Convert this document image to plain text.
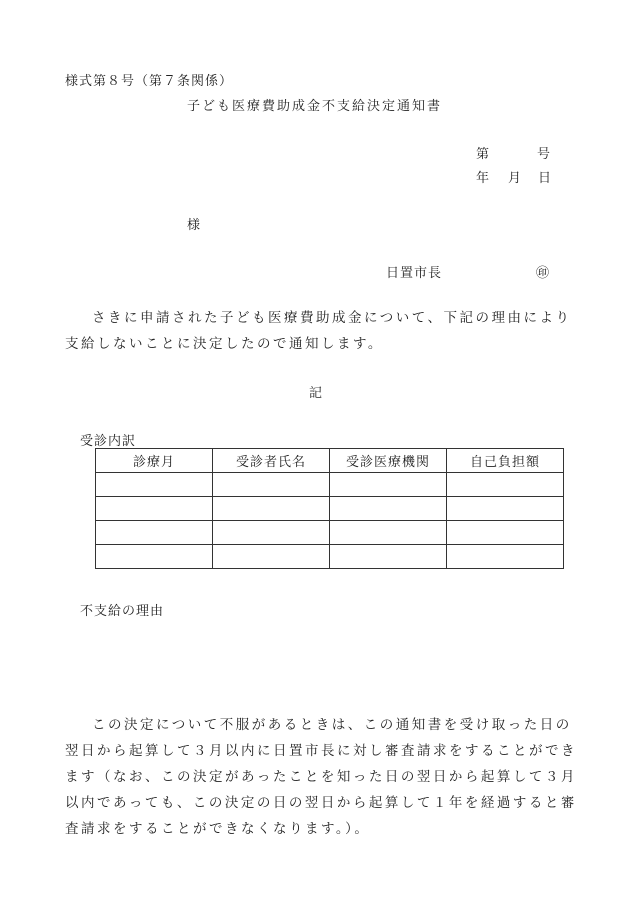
様式第８号（第７条関係）
子ども医療費助成金不支給決定通知書
第	号
年 月 日
様
日置市長	㊞
さきに申請された子ども医療費助成金について、下記の理由により支給しないことに決定したので通知します。
記
受診内訳
診療月	受診者氏名	受診医療機関	自己負担額

不支給の理由
この決定について不服があるときは、この通知書を受け取った日の翌日から起算して３月以内に日置市長に対し審査請求をすることができます（なお、この決定があったことを知った日の翌日から起算して３月以内であっても、この決定の日の翌日から起算して１年を経過すると審査請求をすることができなくなります。）。
